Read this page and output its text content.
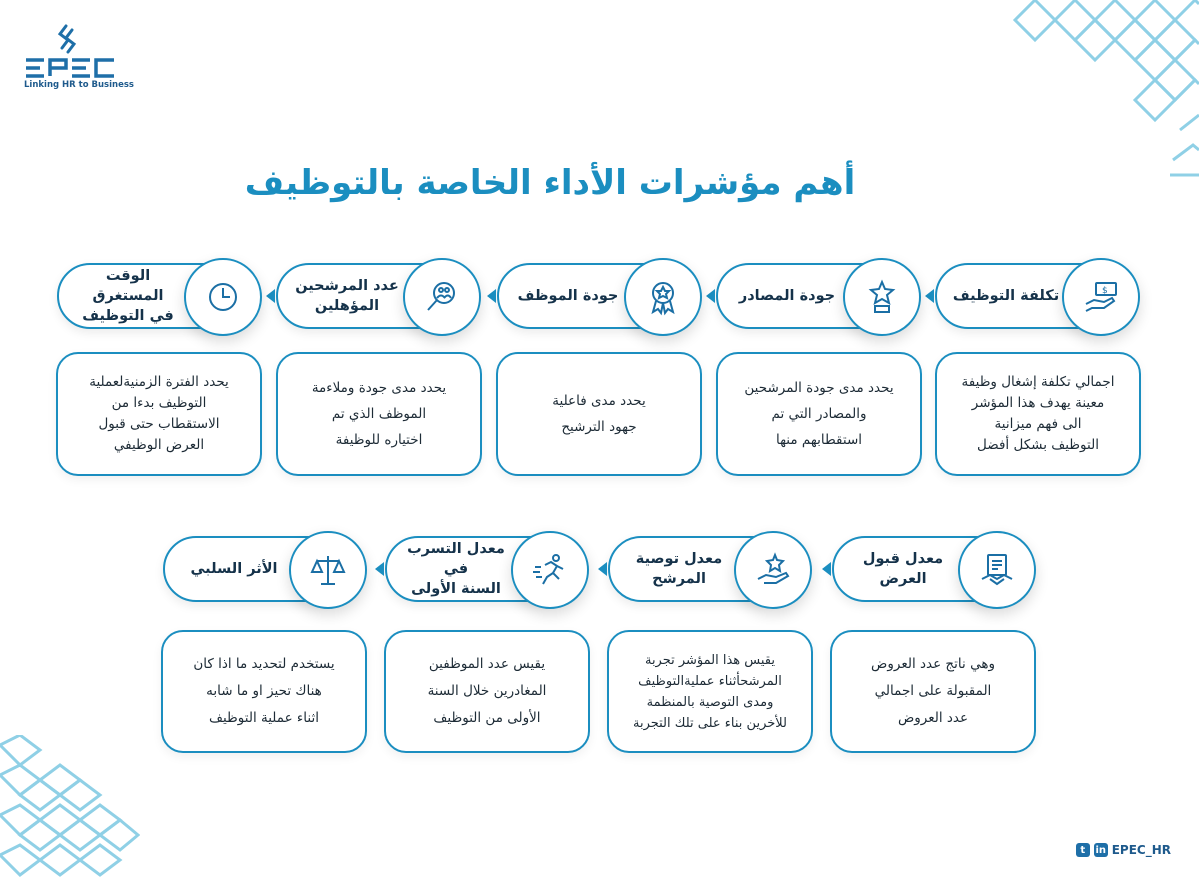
Linking HR to Business
أهم مؤشرات الأداء الخاصة بالتوظيف
تكلفة التوظيف	$
جودة المصادر
جودة الموظف
عدد المرشحين
المؤهلين
الوقت المستغرق
في التوظيف
اجمالي تكلفة إشغال وظيفة
معينة يهدف هذا المؤشر
الى فهم ميزانية
التوظيف بشكل أفضل
يحدد مدى جودة المرشحين
والمصادر التي تم
استقطابهم منها
يحدد مدى فاعلية
جهود الترشيح
يحدد مدى جودة وملاءمة
الموظف الذي تم
اختياره للوظيفة
يحدد الفترة الزمنيةلعملية
التوظيف بدءا من
الاستقطاب حتى قبول
العرض الوظيفي
معدل قبول
العرض
معدل توصية
المرشح
معدل التسرب في
السنة الأولى
الأثر السلبي
وهي ناتج عدد العروض
المقبولة على اجمالي
عدد العروض
يقيس هذا المؤشر تجربة
المرشحأثناء عمليةالتوظيف
ومدى التوصية بالمنظمة
للأخرين بناء على تلك التجربة
يقيس عدد الموظفين
المغادرين خلال السنة
الأولى من التوظيف
يستخدم لتحديد ما اذا كان
هناك تحيز او ما شابه
اثناء عملية التوظيف
t	in EPEC_HR
